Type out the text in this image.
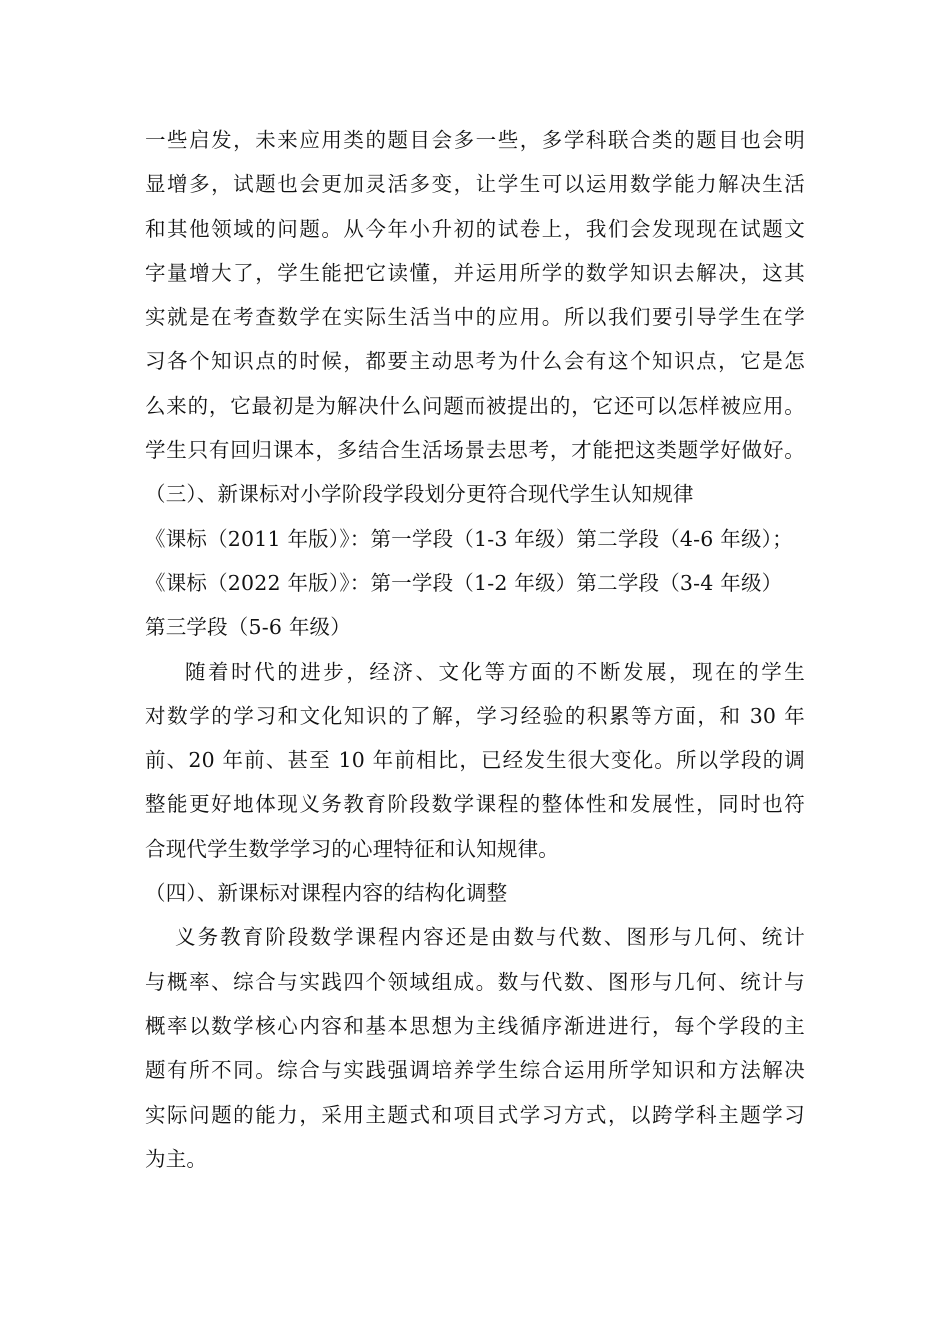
一些启发，未来应用类的题目会多一些，多学科联合类的题目也会明
显增多，试题也会更加灵活多变，让学生可以运用数学能力解决生活
和其他领域的问题。从今年小升初的试卷上，我们会发现现在试题文
字量增大了，学生能把它读懂，并运用所学的数学知识去解决，这其
实就是在考查数学在实际生活当中的应用。所以我们要引导学生在学
习各个知识点的时候，都要主动思考为什么会有这个知识点，它是怎
么来的，它最初是为解决什么问题而被提出的，它还可以怎样被应用。
学生只有回归课本，多结合生活场景去思考，才能把这类题学好做好。
（三）、新课标对小学阶段学段划分更符合现代学生认知规律
《课标（2011 年版）》：第一学段（1-3 年级）第二学段（4-6 年级）；
《课标（2022 年版）》：第一学段（1-2 年级）第二学段（3-4 年级）
第三学段（5-6 年级）
随着时代的进步，经济、文化等方面的不断发展，现在的学生
对数学的学习和文化知识的了解，学习经验的积累等方面，和 30 年
前、20 年前、甚至 10 年前相比，已经发生很大变化。所以学段的调
整能更好地体现义务教育阶段数学课程的整体性和发展性，同时也符
合现代学生数学学习的心理特征和认知规律。
（四）、新课标对课程内容的结构化调整
义务教育阶段数学课程内容还是由数与代数、图形与几何、统计
与概率、综合与实践四个领域组成。数与代数、图形与几何、统计与
概率以数学核心内容和基本思想为主线循序渐进进行，每个学段的主
题有所不同。综合与实践强调培养学生综合运用所学知识和方法解决
实际问题的能力，采用主题式和项目式学习方式，以跨学科主题学习
为主。
